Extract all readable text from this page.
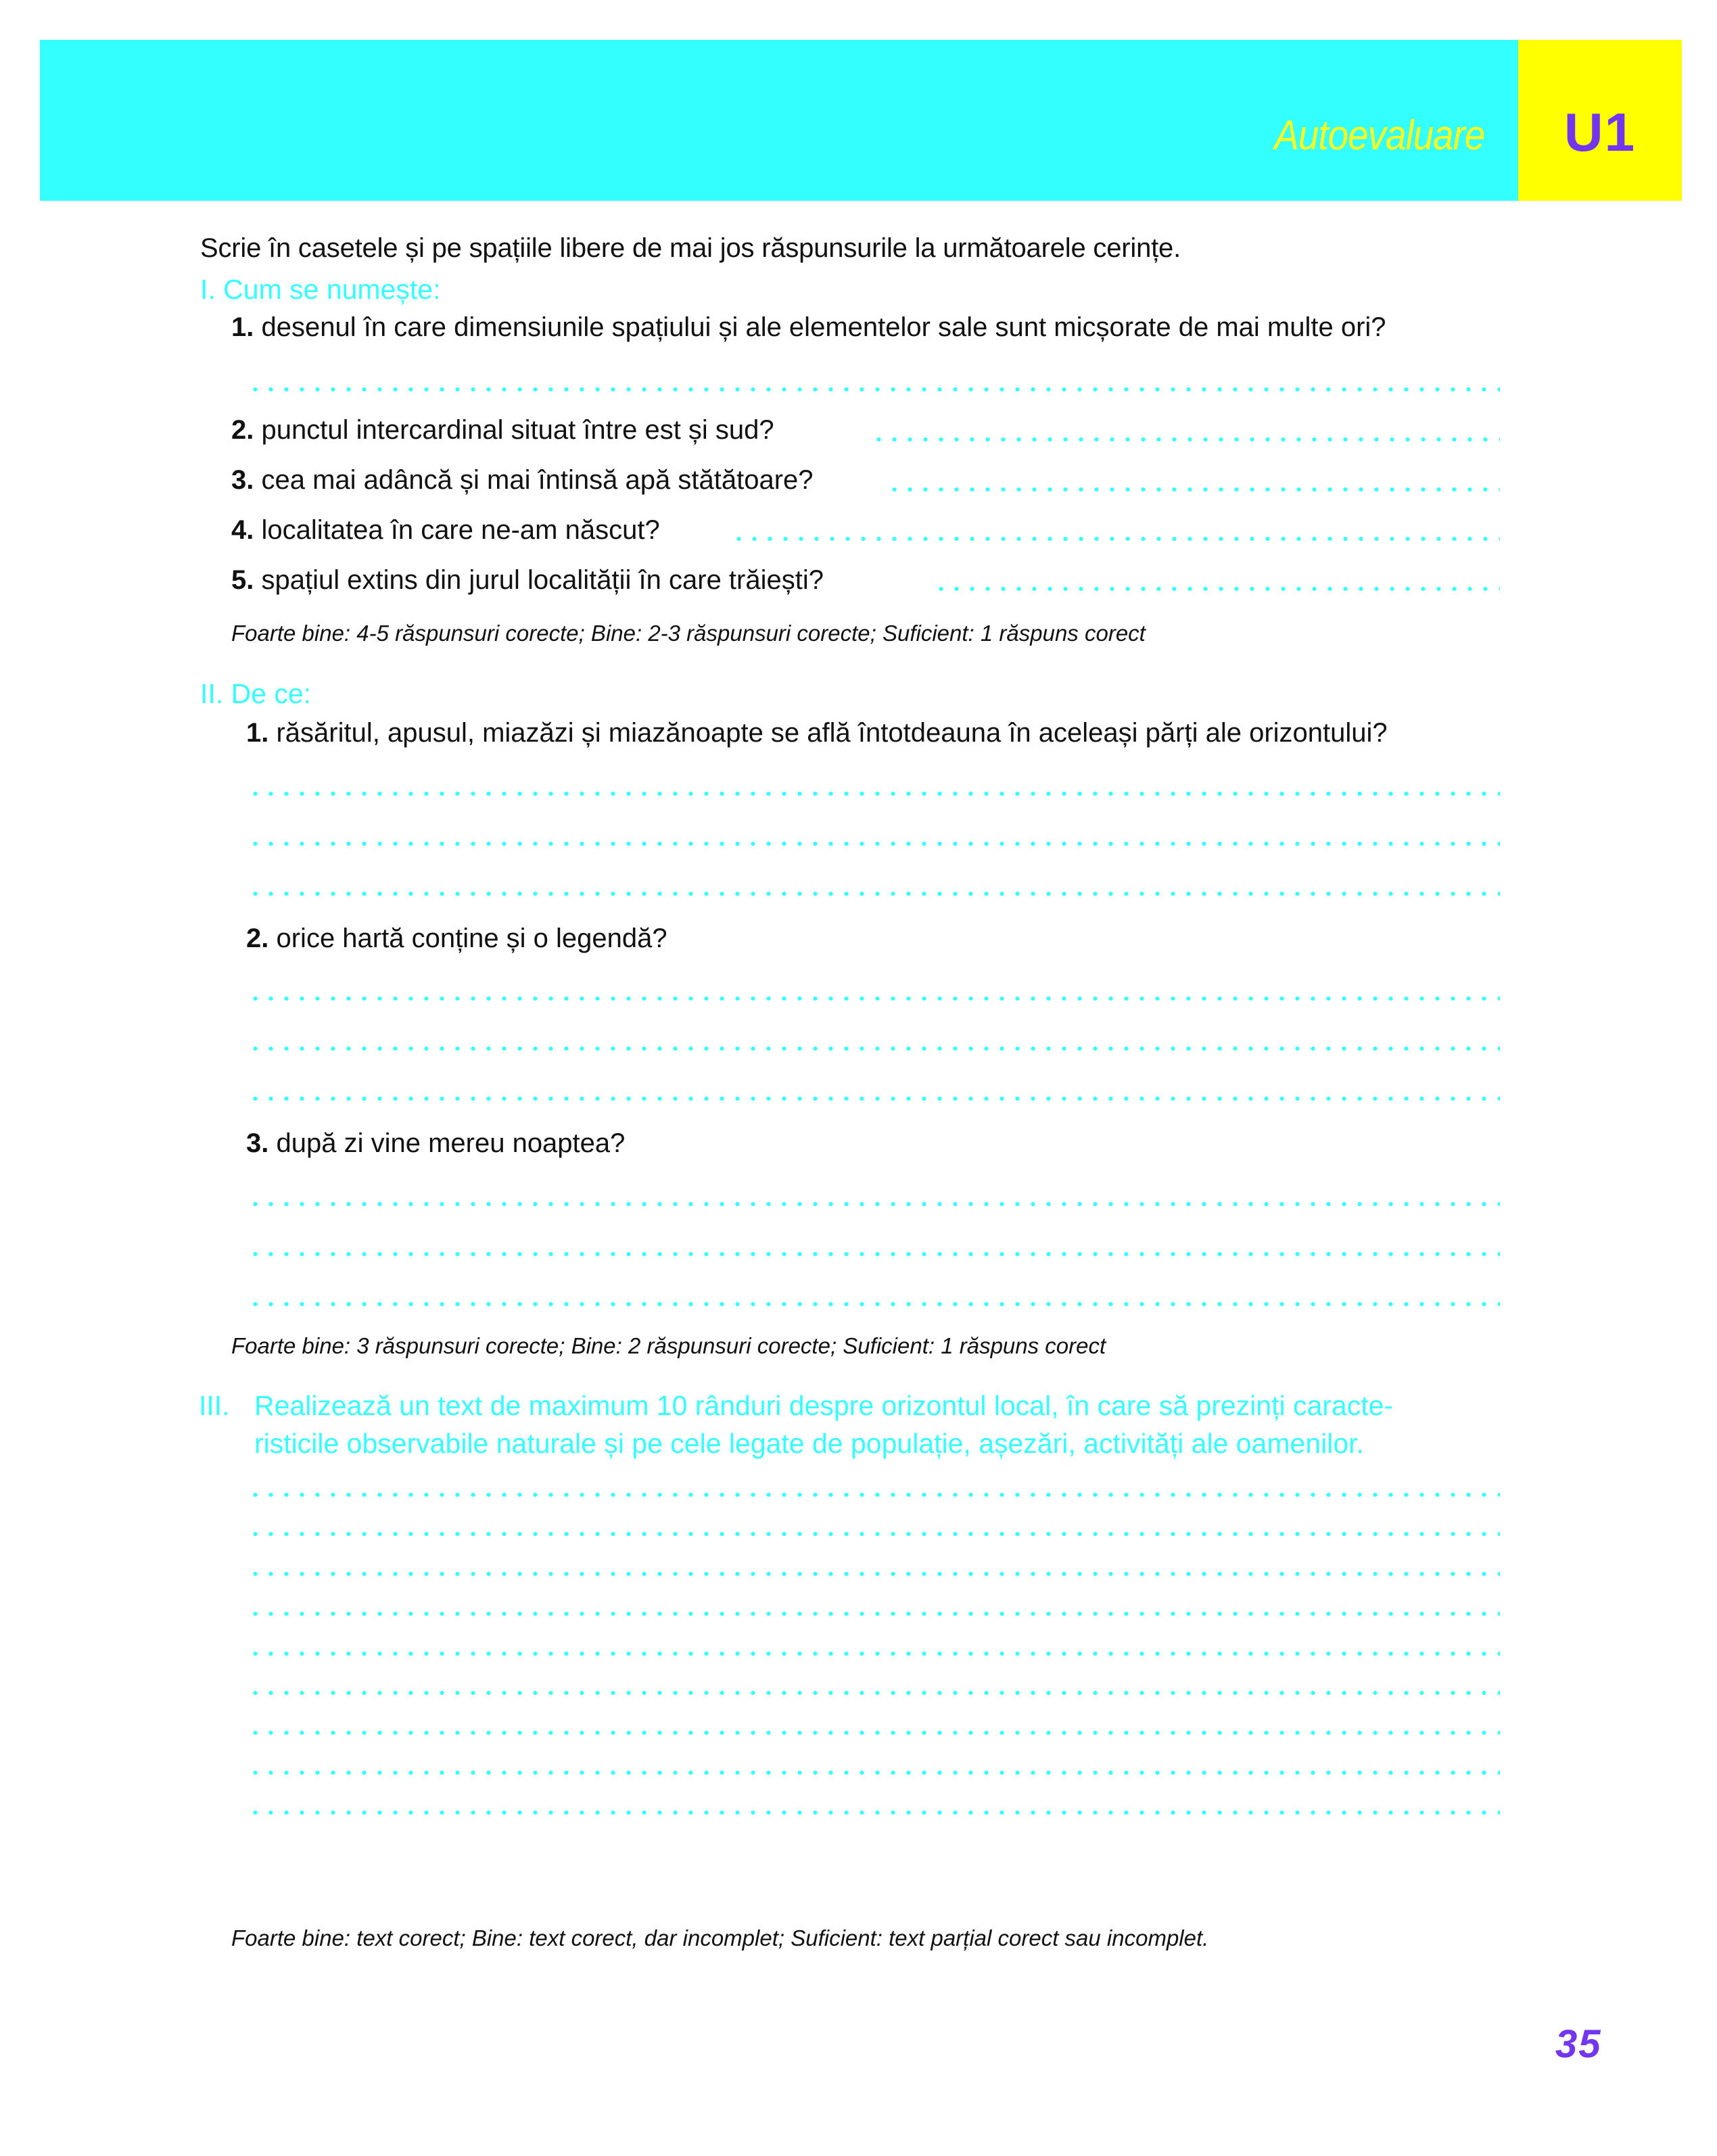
Autoevaluare	U1
Scrie în casetele și pe spațiile libere de mai jos răspunsurile la următoarele cerințe.
I. Cum se numește:
1. desenul în care dimensiunile spațiului și ale elementelor sale sunt micșorate de mai multe ori?
2. punctul intercardinal situat între est și sud?
3. cea mai adâncă și mai întinsă apă stătătoare?
4. localitatea în care ne-am născut?
5. spațiul extins din jurul localității în care trăiești?
Foarte bine: 4-5 răspunsuri corecte; Bine: 2-3 răspunsuri corecte; Suficient: 1 răspuns corect
II. De ce:
1. răsăritul, apusul, miazăzi și miazănoapte se află întotdeauna în aceleași părți ale orizontului?
2. orice hartă conține și o legendă?
3. după zi vine mereu noaptea?
Foarte bine: 3 răspunsuri corecte; Bine: 2 răspunsuri corecte; Suficient: 1 răspuns corect
III. Realizează un text de maximum 10 rânduri despre orizontul local, în care să prezinți caracte-
risticile observabile naturale și pe cele legate de populație, așezări, activități ale oamenilor.
Foarte bine: text corect; Bine: text corect, dar incomplet; Suficient: text parțial corect sau incomplet.
35
